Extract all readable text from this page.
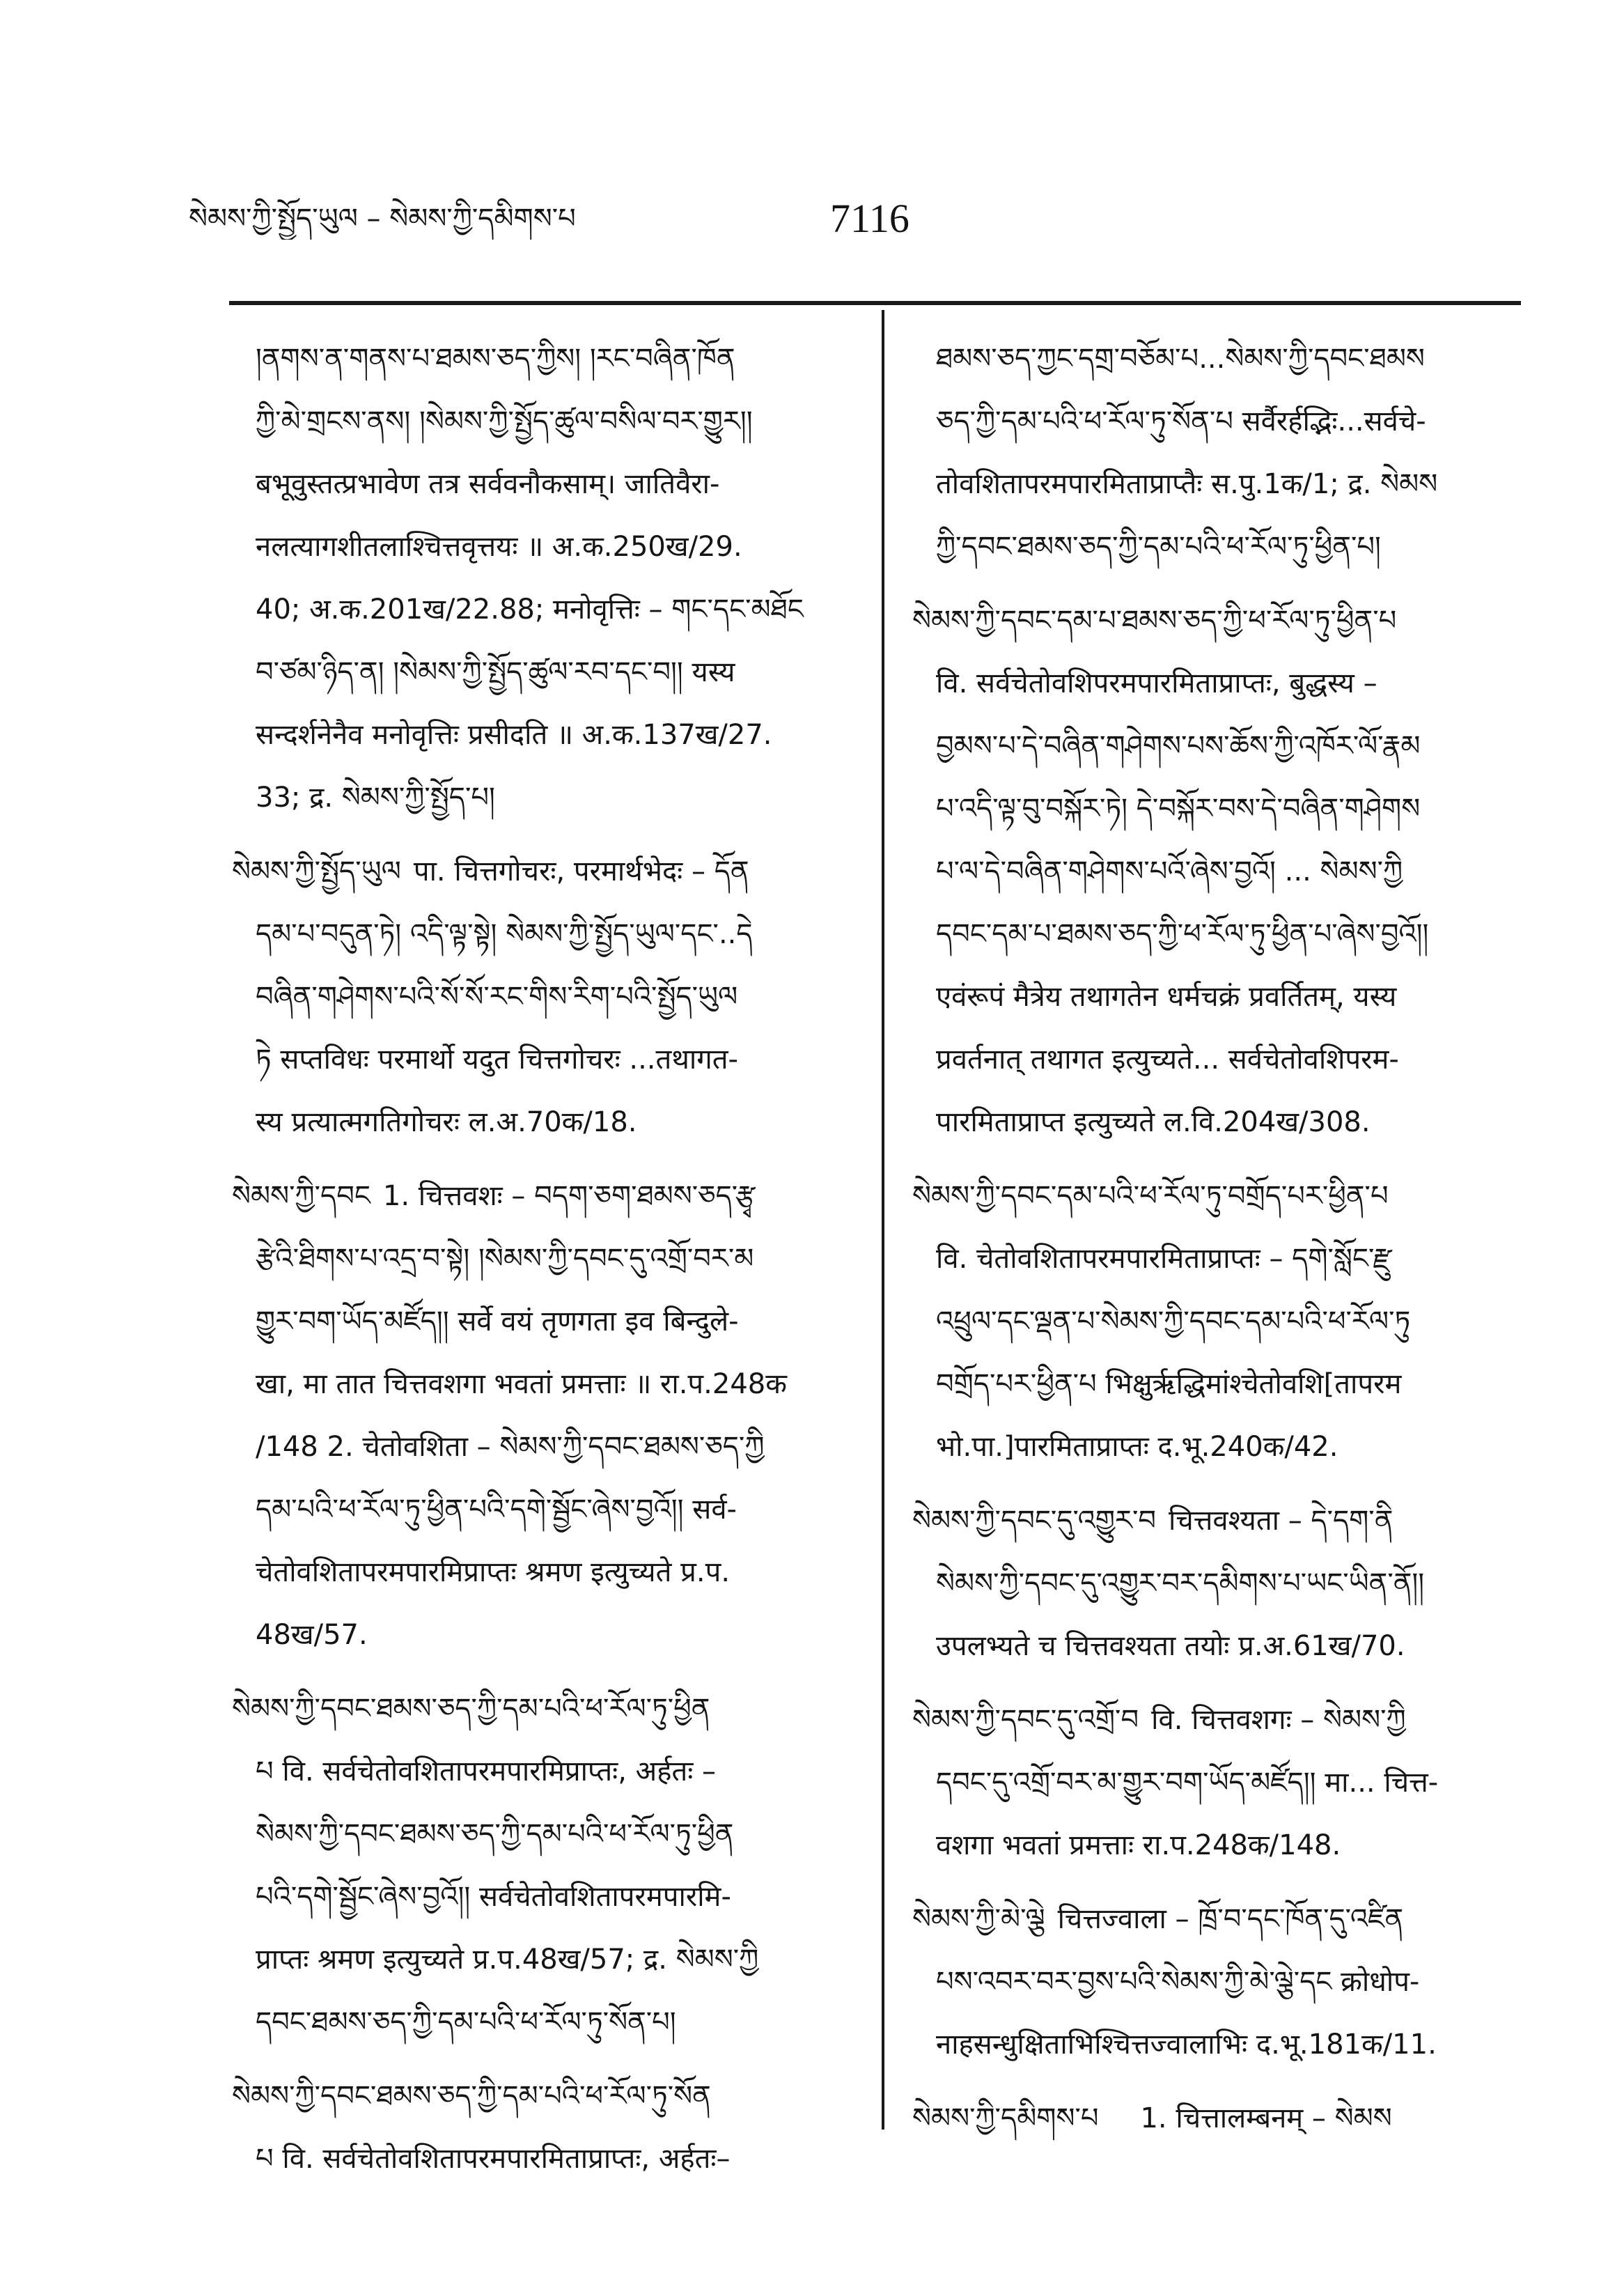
སེམས་ཀྱི་སྤྱོད་ཡུལ – སེམས་ཀྱི་དམིགས་པ	7116
།ནགས་ན་གནས་པ་ཐམས་ཅད་ཀྱིས། །རང་བཞིན་ཁོན
ཀྱི་མེ་གྲངས་ནས། །སེམས་ཀྱི་སྤྱོད་ཚུལ་བསིལ་བར་གྱུར།།
बभूवुस्तत्प्रभावेण तत्र सर्ववनौकसाम्। जातिवैरा-
नलत्यागशीतलाश्चित्तवृत्तयः ॥ अ.क.250ख/29.
40; अ.क.201ख/22.88; मनोवृत्तिः – གང་དང་མཐོང
བ་ཙམ་ཉིད་ན། །སེམས་ཀྱི་སྤྱོད་ཚུལ་རབ་དང་བ།། यस्य
सन्दर्शनेनैव मनोवृत्तिः प्रसीदति ॥ अ.क.137ख/27.
33; द्र. སེམས་ཀྱི་སྤྱོད་པ།
སེམས་ཀྱི་སྤྱོད་ཡུལ पा. चित्तगोचरः, परमार्थभेदः – དོན
དམ་པ་བདུན་ཏེ། འདི་ལྟ་སྟེ། སེམས་ཀྱི་སྤྱོད་ཡུལ་དང་..དེ
བཞིན་གཤེགས་པའི་སོ་སོ་རང་གིས་རིག་པའི་སྤྱོད་ཡུལ
ཏེ सप्तविधः परमार्थो यदुत चित्तगोचरः ...तथागत-
स्य प्रत्यात्मगतिगोचरः ल.अ.70क/18.
སེམས་ཀྱི་དབང 1. चित्तवशः – བདག་ཅག་ཐམས་ཅད་རྩྭ
རྩེའི་ཐིགས་པ་འདྲ་བ་སྟེ། །སེམས་ཀྱི་དབང་དུ་འགྲོ་བར་མ
གྱུར་བག་ཡོད་མཛོད།། सर्वे वयं तृणगता इव बिन्दुले-
खा, मा तात चित्तवशगा भवतां प्रमत्ताः ॥ रा.प.248क
/148 2. चेतोवशिता – སེམས་ཀྱི་དབང་ཐམས་ཅད་ཀྱི
དམ་པའི་ཕ་རོལ་ཏུ་ཕྱིན་པའི་དགེ་སྦྱོང་ཞེས་བྱའོ།། सर्व-
चेतोवशितापरमपारमिप्राप्तः श्रमण इत्युच्यते प्र.प.
48ख/57.
སེམས་ཀྱི་དབང་ཐམས་ཅད་ཀྱི་དམ་པའི་ཕ་རོལ་ཏུ་ཕྱིན
པ वि. सर्वचेतोवशितापरमपारमिप्राप्तः, अर्हतः –
སེམས་ཀྱི་དབང་ཐམས་ཅད་ཀྱི་དམ་པའི་ཕ་རོལ་ཏུ་ཕྱིན
པའི་དགེ་སྦྱོང་ཞེས་བྱའོ།། सर्वचेतोवशितापरमपारमि-
प्राप्तः श्रमण इत्युच्यते प्र.प.48ख/57; द्र. སེམས་ཀྱི
དབང་ཐམས་ཅད་ཀྱི་དམ་པའི་ཕ་རོལ་ཏུ་སོན་པ།
སེམས་ཀྱི་དབང་ཐམས་ཅད་ཀྱི་དམ་པའི་ཕ་རོལ་ཏུ་སོན
པ वि. सर्वचेतोवशितापरमपारमिताप्राप्तः, अर्हतः–
ཐམས་ཅད་ཀྱང་དགྲ་བཅོམ་པ...སེམས་ཀྱི་དབང་ཐམས
ཅད་ཀྱི་དམ་པའི་ཕ་རོལ་ཏུ་སོན་པ सर्वैरर्हद्भिः...सर्वचे-
तोवशितापरमपारमिताप्राप्तैः स.पु.1क/1; द्र. སེམས
ཀྱི་དབང་ཐམས་ཅད་ཀྱི་དམ་པའི་ཕ་རོལ་ཏུ་ཕྱིན་པ།
སེམས་ཀྱི་དབང་དམ་པ་ཐམས་ཅད་ཀྱི་ཕ་རོལ་ཏུ་ཕྱིན་པ
वि. सर्वचेतोवशिपरमपारमिताप्राप्तः, बुद्धस्य –
བྱམས་པ་དེ་བཞིན་གཤེགས་པས་ཆོས་ཀྱི་འཁོར་ལོ་རྣམ
པ་འདི་ལྟ་བུ་བསྐོར་ཏེ། དེ་བསྐོར་བས་དེ་བཞིན་གཤེགས
པ་ལ་དེ་བཞིན་གཤེགས་པའོ་ཞེས་བྱའོ། ... སེམས་ཀྱི
དབང་དམ་པ་ཐམས་ཅད་ཀྱི་ཕ་རོལ་ཏུ་ཕྱིན་པ་ཞེས་བྱའོ།།
एवंरूपं मैत्रेय तथागतेन धर्मचक्रं प्रवर्तितम्, यस्य
प्रवर्तनात् तथागत इत्युच्यते... सर्वचेतोवशिपरम-
पारमिताप्राप्त इत्युच्यते ल.वि.204ख/308.
སེམས་ཀྱི་དབང་དམ་པའི་ཕ་རོལ་ཏུ་བགྲོད་པར་ཕྱིན་པ
वि. चेतोवशितापरमपारमिताप्राप्तः – དགེ་སློང་རྫུ
འཕྲུལ་དང་ལྡན་པ་སེམས་ཀྱི་དབང་དམ་པའི་ཕ་རོལ་ཏུ
བགྲོད་པར་ཕྱིན་པ भिक्षुर्ऋद्धिमांश्चेतोवशि[तापरम
भो.पा.]पारमिताप्राप्तः द.भू.240क/42.
སེམས་ཀྱི་དབང་དུ་འགྱུར་བ चित्तवश्यता – དེ་དག་ནི
སེམས་ཀྱི་དབང་དུ་འགྱུར་བར་དམིགས་པ་ཡང་ཡིན་ནོ།།
उपलभ्यते च चित्तवश्यता तयोः प्र.अ.61ख/70.
སེམས་ཀྱི་དབང་དུ་འགྲོ་བ वि. चित्तवशगः – སེམས་ཀྱི
དབང་དུ་འགྲོ་བར་མ་གྱུར་བག་ཡོད་མཛོད།། मा... चित्त-
वशगा भवतां प्रमत्ताः रा.प.248क/148.
སེམས་ཀྱི་མེ་ལྕེ चित्तज्वाला – ཁྲོ་བ་དང་ཁོན་དུ་འཛིན
པས་འབར་བར་བྱས་པའི་སེམས་ཀྱི་མེ་ལྕེ་དང क्रोधोप-
नाहसन्धुक्षिताभिश्चित्तज्वालाभिः द.भू.181क/11.
སེམས་ཀྱི་དམིགས་པ 1. चित्तालम्बनम् – སེམས
